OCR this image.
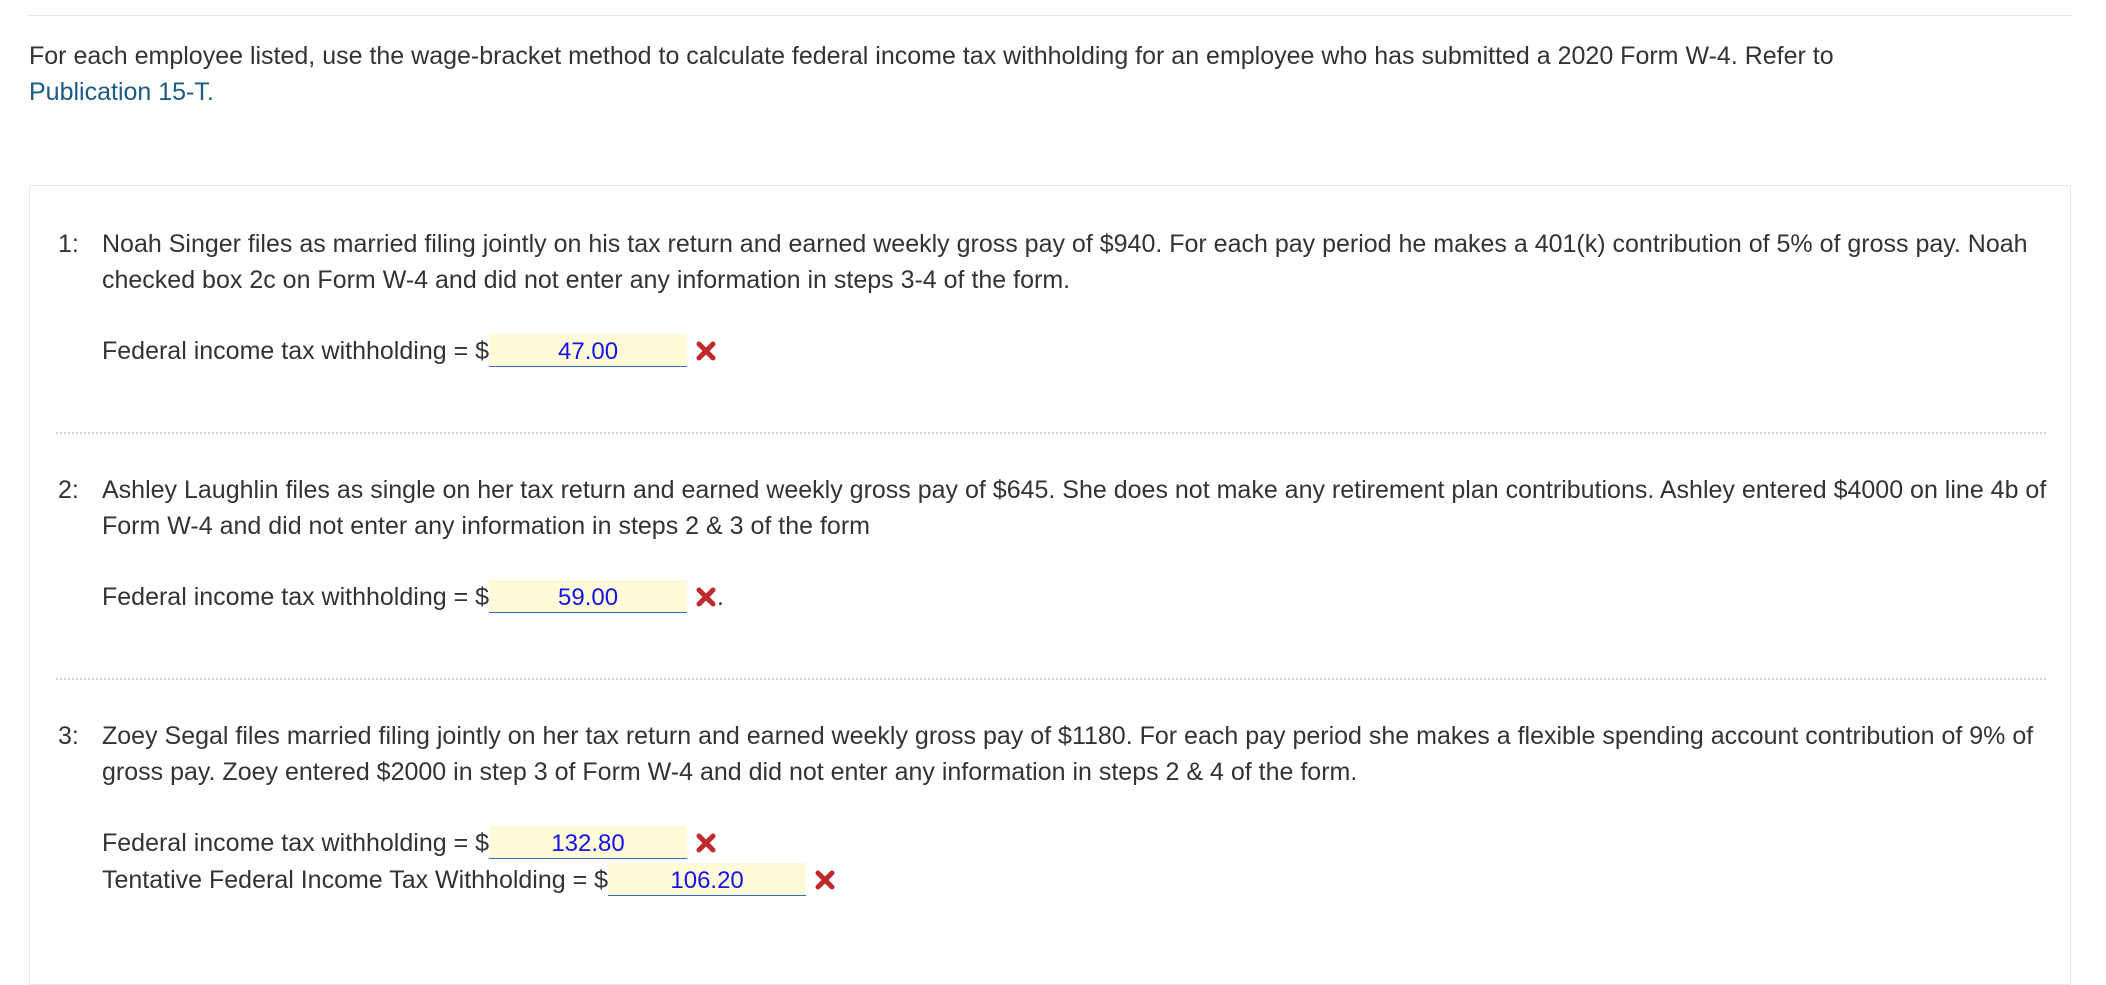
For each employee listed, use the wage-bracket method to calculate federal income tax withholding for an employee who has submitted a 2020 Form W-4. Refer to
Publication 15-T.
1: Noah Singer files as married filing jointly on his tax return and earned weekly gross pay of $940. For each pay period he makes a 401(k) contribution of 5% of gross pay. Noah checked box 2c on Form W-4 and did not enter any information in steps 3-4 of the form.
Federal income tax withholding = $	47.00
2: Ashley Laughlin files as single on her tax return and earned weekly gross pay of $645. She does not make any retirement plan contributions. Ashley entered $4000 on line 4b of Form W-4 and did not enter any information in steps 2 & 3 of the form
Federal income tax withholding = $	59.00	.
3: Zoey Segal files married filing jointly on her tax return and earned weekly gross pay of $1180. For each pay period she makes a flexible spending account contribution of 9% of gross pay. Zoey entered $2000 in step 3 of Form W-4 and did not enter any information in steps 2 & 4 of the form.
Federal income tax withholding = $	132.80
Tentative Federal Income Tax Withholding = $	106.20
